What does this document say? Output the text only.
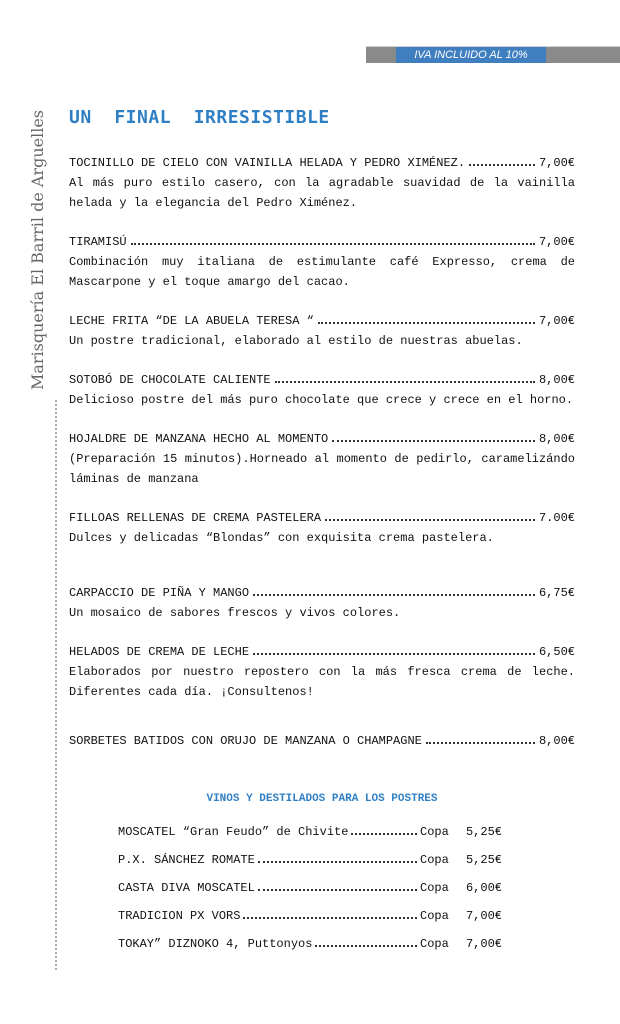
IVA INCLUIDO AL 10%
Marisquería El Barril de Arguelles UN  FINAL  IRRESISTIBLE
TOCINILLO DE CIELO CON VAINILLA HELADA Y PEDRO XIMÉNEZ.	7,00€
Al más puro estilo casero, con la agradable suavidad de la vainilla helada y la elegancia del Pedro Ximénez.
TIRAMISÚ	7,00€
Combinación muy italiana de estimulante café Expresso, crema de Mascarpone y el toque amargo del cacao.
LECHE FRITA “DE LA ABUELA TERESA “	7,00€
Un postre tradicional, elaborado al estilo de nuestras abuelas.
SOTOBÓ DE CHOCOLATE CALIENTE	8,00€
Delicioso postre del más puro chocolate que crece y crece en el horno.
HOJALDRE DE MANZANA HECHO AL MOMENTO	8,00€
(Preparación 15 minutos).Horneado al momento de pedirlo, caramelizándo láminas de manzana
FILLOAS RELLENAS DE CREMA PASTELERA	7.00€
Dulces y delicadas “Blondas” con exquisita crema pastelera.
CARPACCIO DE PIÑA Y MANGO	6,75€
Un mosaico de sabores frescos y vivos colores.
HELADOS DE CREMA DE LECHE	6,50€
Elaborados por nuestro repostero con la más fresca crema de leche. Diferentes cada día. ¡Consultenos!
SORBETES BATIDOS CON ORUJO DE MANZANA O CHAMPAGNE	8,00€
VINOS Y DESTILADOS PARA LOS POSTRES
MOSCATEL “Gran Feudo” de Chivite	Copa	5,25€
P.X. SÁNCHEZ ROMATE	Copa	5,25€
CASTA DIVA MOSCATEL	Copa	6,00€
TRADICION PX VORS	Copa	7,00€
TOKAY” DIZNOKO 4, Puttonyos	Copa	7,00€
